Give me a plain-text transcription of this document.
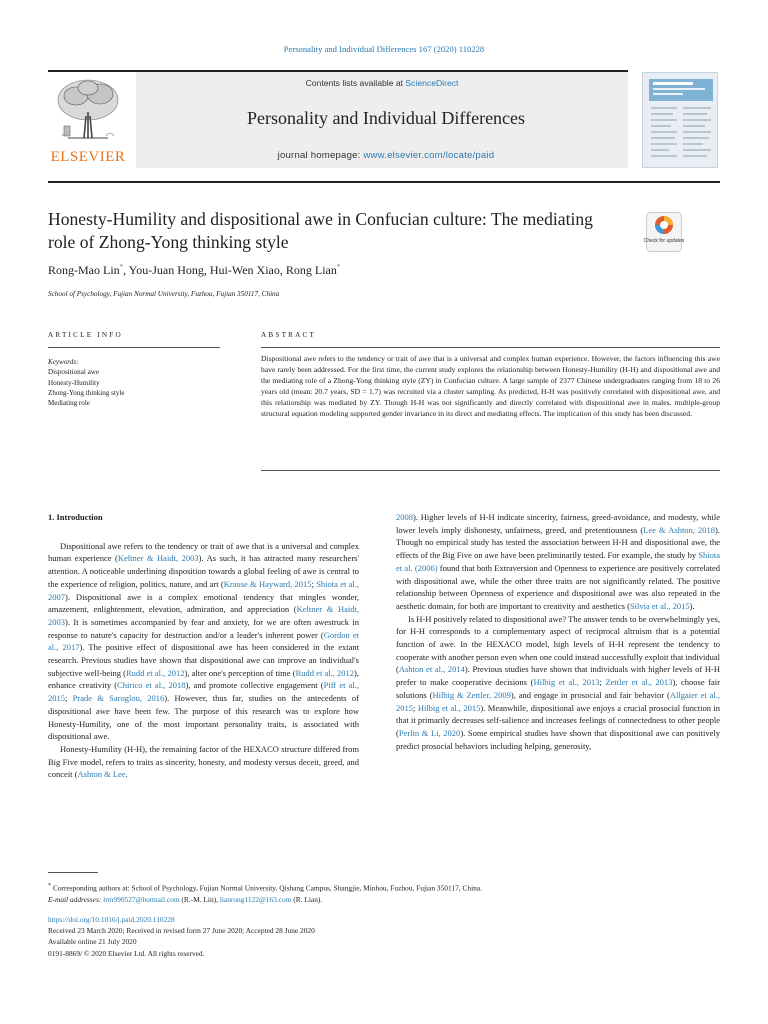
Personality and Individual Differences 167 (2020) 110228
ELSEVIER
Contents lists available at ScienceDirect
Personality and Individual Differences
journal homepage: www.elsevier.com/locate/paid
Honesty-Humility and dispositional awe in Confucian culture: The mediating role of Zhong-Yong thinking style	Check for updates
Rong-Mao Lin*, You-Juan Hong, Hui-Wen Xiao, Rong Lian*
School of Psychology, Fujian Normal University, Fuzhou, Fujian 350117, China
ARTICLE INFO	ABSTRACT
Keywords:
Dispositional awe
Honesty-Humility
Zhong-Yong thinking style
Mediating role
Dispositional awe refers to the tendency or trait of awe that is a universal and complex human experience. However, the factors influencing this awe have rarely been addressed. For the first time, the current study explores the relationship between Honesty-Humility (H-H) and dispositional awe and the mediating role of a Zhong-Yong thinking style (ZY) in Confucian culture. A large sample of 2377 Chinese undergraduates ranging from 18 to 26 years old (mean: 20.7 years, SD = 1.7) was recruited via a cluster sampling. As predicted, H-H was positively correlated with dispositional awe, and this relationship was mediated by ZY. Though H-H was not significantly and directly correlated with dispositional awe in males, multiple-group structural equation modeling supported gender invariance in its direct and mediating effects. The implication of this study has been discussed.
1. Introduction

Dispositional awe refers to the tendency or trait of awe that is a universal and complex human experience (Keltner & Haidt, 2003). As such, it has attracted many researchers' attention. A noticeable underlining disposition towards a global feeling of awe is central to the experience of religion, politics, nature, and art (Krause & Hayward, 2015; Shiota et al., 2007). Dispositional awe is a complex emotional tendency that mingles wonder, amazement, enlightenment, elevation, admiration, and appreciation (Keltner & Haidt, 2003). It is sometimes accompanied by fear and anxiety, for we are often awestruck in response to nature's capacity for destruction and/or a leader's inherent power (Gordon et al., 2017). The positive effect of dispositional awe has been considered in the extant research. Previous studies have shown that dispositional awe can improve an individual's subjective well-being (Rudd et al., 2012), alter one's perception of time (Rudd et al., 2012), enhance creativity (Chirico et al., 2018), and promote collective engagement (Piff et al., 2015; Prade & Saroglou, 2016). However, thus far, studies on the antecedents of dispositional awe have been few. The purpose of this research was to explore how Honesty-Humility, one of the most important personality traits, is associated with dispositional awe.

Honesty-Humility (H-H), the remaining factor of the HEXACO structure differed from Big Five model, refers to traits as sincerity, honesty, and modesty versus deceit, greed, and conceit (Ashton & Lee,

2008). Higher levels of H-H indicate sincerity, fairness, greed-avoidance, and modesty, while lower levels imply dishonesty, unfairness, greed, and pretentiousness (Lee & Ashton, 2018). Though no empirical study has tested the association between H-H and dispositional awe, the effects of the Big Five on awe have been preliminarily tested. For example, the study by Shiota et al. (2006) found that both Extraversion and Openness to experience are positively correlated with dispositional awe, while the other three traits are not significantly related. The positive relationship between Openness of experience and dispositional awe was also repeated in the aesthetic domain, for both are important to creativity and aesthetics (Silvia et al., 2015).

Is H-H positively related to dispositional awe? The answer tends to be overwhelmingly yes, for H-H corresponds to a complementary aspect of reciprocal altruism that is a potential function of awe. In the HEXACO model, high levels of H-H represent the tendency to cooperate with another person even when one could instead successfully exploit that individual (Ashton et al., 2014). Previous studies have shown that individuals with higher levels of H-H prefer to make cooperative decisions (Hilbig et al., 2013; Zettler et al., 2013), choose fair solutions (Hilbig & Zettler, 2009), and engage in prosocial and fair behavior (Allgaier et al., 2015; Hilbig et al., 2015). Meanwhile, dispositional awe enjoys a crucial prosocial function in that it primarily decreases self-salience and increases feelings of connectedness to other people (Perlin & Li, 2020). Some empirical studies have shown that dispositional awe can positively predict prosocial behaviors including helping, generosity,

* Corresponding authors at: School of Psychology, Fujian Normal University, Qishang Campus, Shangjie, Minhou, Fuzhou, Fujian 350117, China.
E-mail addresses: lrm990527@hotmail.com (R.-M. Lin), lianrong1122@163.com (R. Lian).
https://doi.org/10.1016/j.paid.2020.110228
Received 23 March 2020; Received in revised form 27 June 2020; Accepted 28 June 2020
Available online 21 July 2020
0191-8869/ © 2020 Elsevier Ltd. All rights reserved.
